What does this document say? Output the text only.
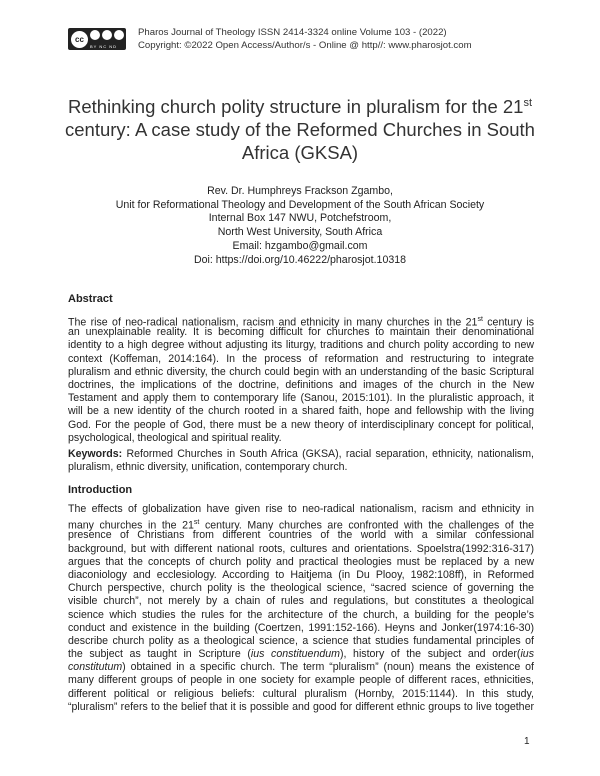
cc
BY NC ND
Pharos Journal of Theology ISSN 2414-3324 online Volume 103 - (2022)
Copyright: ©2022 Open Access/Author/s - Online @ http//: www.pharosjot.com
Rethinking church polity structure in pluralism for the 21st
century: A case study of the Reformed Churches in South
Africa (GKSA)
Rev. Dr. Humphreys Frackson Zgambo,
Unit for Reformational Theology and Development of the South African Society
Internal Box 147 NWU, Potchefstroom,
North West University, South Africa
Email: hzgambo@gmail.com
Doi: https://doi.org/10.46222/pharosjot.10318
Abstract
The rise of neo-radical nationalism, racism and ethnicity in many churches in the 21st century is
an unexplainable reality. It is becoming difficult for churches to maintain their denominational
identity to a high degree without adjusting its liturgy, traditions and church polity according to new
context (Koffeman, 2014:164). In the process of reformation and restructuring to integrate
pluralism and ethnic diversity, the church could begin with an understanding of the basic Scriptural
doctrines, the implications of the doctrine, definitions and images of the church in the New
Testament and apply them to contemporary life (Sanou, 2015:101). In the pluralistic approach, it
will be a new identity of the church rooted in a shared faith, hope and fellowship with the living
God. For the people of God, there must be a new theory of interdisciplinary concept for political,
psychological, theological and spiritual reality.
Keywords: Reformed Churches in South Africa (GKSA), racial separation, ethnicity, nationalism,
pluralism, ethnic diversity, unification, contemporary church.
Introduction
The effects of globalization have given rise to neo-radical nationalism, racism and ethnicity in
many churches in the 21st century. Many churches are confronted with the challenges of the
presence of Christians from different countries of the world with a similar confessional
background, but with different national roots, cultures and orientations. Spoelstra(1992:316-317)
argues that the concepts of church polity and practical theologies must be replaced by a new
diaconiology and ecclesiology. According to Haitjema (in Du Plooy, 1982:108ff), in Reformed
Church perspective, church polity is the theological science, “sacred science of governing the
visible church”, not merely by a chain of rules and regulations, but constitutes a theological
science which studies the rules for the architecture of the church, a building for the people’s
conduct and existence in the building (Coertzen, 1991:152-166). Heyns and Jonker(1974:16-30)
describe church polity as a theological science, a science that studies fundamental principles of
the subject as taught in Scripture (ius constituendum), history of the subject and order(ius
constitutum) obtained in a specific church. The term “pluralism” (noun) means the existence of
many different groups of people in one society for example people of different races, ethnicities,
different political or religious beliefs: cultural pluralism (Hornby, 2015:1144). In this study,
“pluralism” refers to the belief that it is possible and good for different ethnic groups to live together
1
